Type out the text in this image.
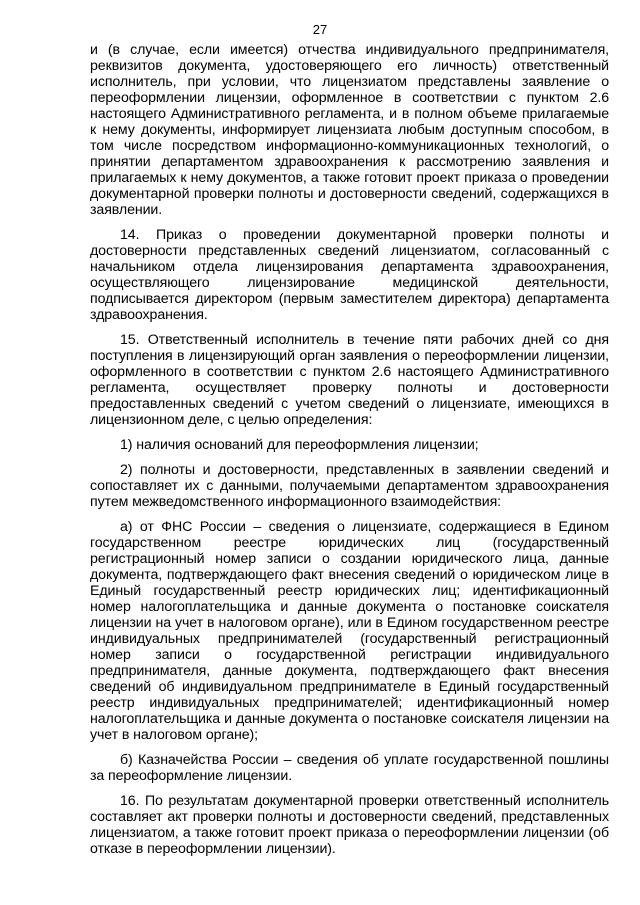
27

и (в случае, если имеется) отчества индивидуального предпринимателя, реквизитов документа, удостоверяющего его личность) ответственный исполнитель, при условии, что лицензиатом представлены заявление о переоформлении лицензии, оформленное в соответствии с пунктом 2.6 настоящего Административного регламента, и в полном объеме прилагаемые к нему документы, информирует лицензиата любым доступным способом, в том числе посредством информационно-коммуникационных технологий, о принятии департаментом здравоохранения к рассмотрению заявления и прилагаемых к нему документов, а также готовит проект приказа о проведении документарной проверки полноты и достоверности сведений, содержащихся в заявлении.

14. Приказ о проведении документарной проверки полноты и достоверности представленных сведений лицензиатом, согласованный с начальником отдела лицензирования департамента здравоохранения, осуществляющего лицензирование медицинской деятельности, подписывается директором (первым заместителем директора) департамента здравоохранения.

15. Ответственный исполнитель в течение пяти рабочих дней со дня поступления в лицензирующий орган заявления о переоформлении лицензии, оформленного в соответствии с пунктом 2.6 настоящего Административного регламента, осуществляет проверку полноты и достоверности предоставленных сведений с учетом сведений о лицензиате, имеющихся в лицензионном деле, с целью определения:

1) наличия оснований для переоформления лицензии;

2) полноты и достоверности, представленных в заявлении сведений и сопоставляет их с данными, получаемыми департаментом здравоохранения путем межведомственного информационного взаимодействия:

а) от ФНС России – сведения о лицензиате, содержащиеся в Едином государственном реестре юридических лиц (государственный регистрационный номер записи о создании юридического лица, данные документа, подтверждающего факт внесения сведений о юридическом лице в Единый государственный реестр юридических лиц; идентификационный номер налогоплательщика и данные документа о постановке соискателя лицензии на учет в налоговом органе), или в Едином государственном реестре индивидуальных предпринимателей (государственный регистрационный номер записи о государственной регистрации индивидуального предпринимателя, данные документа, подтверждающего факт внесения сведений об индивидуальном предпринимателе в Единый государственный реестр индивидуальных предпринимателей; идентификационный номер налогоплательщика и данные документа о постановке соискателя лицензии на учет в налоговом органе);

б) Казначейства России – сведения об уплате государственной пошлины за переоформление лицензии.

16. По результатам документарной проверки ответственный исполнитель составляет акт проверки полноты и достоверности сведений, представленных лицензиатом, а также готовит проект приказа о переоформлении лицензии (об отказе в переоформлении лицензии).
